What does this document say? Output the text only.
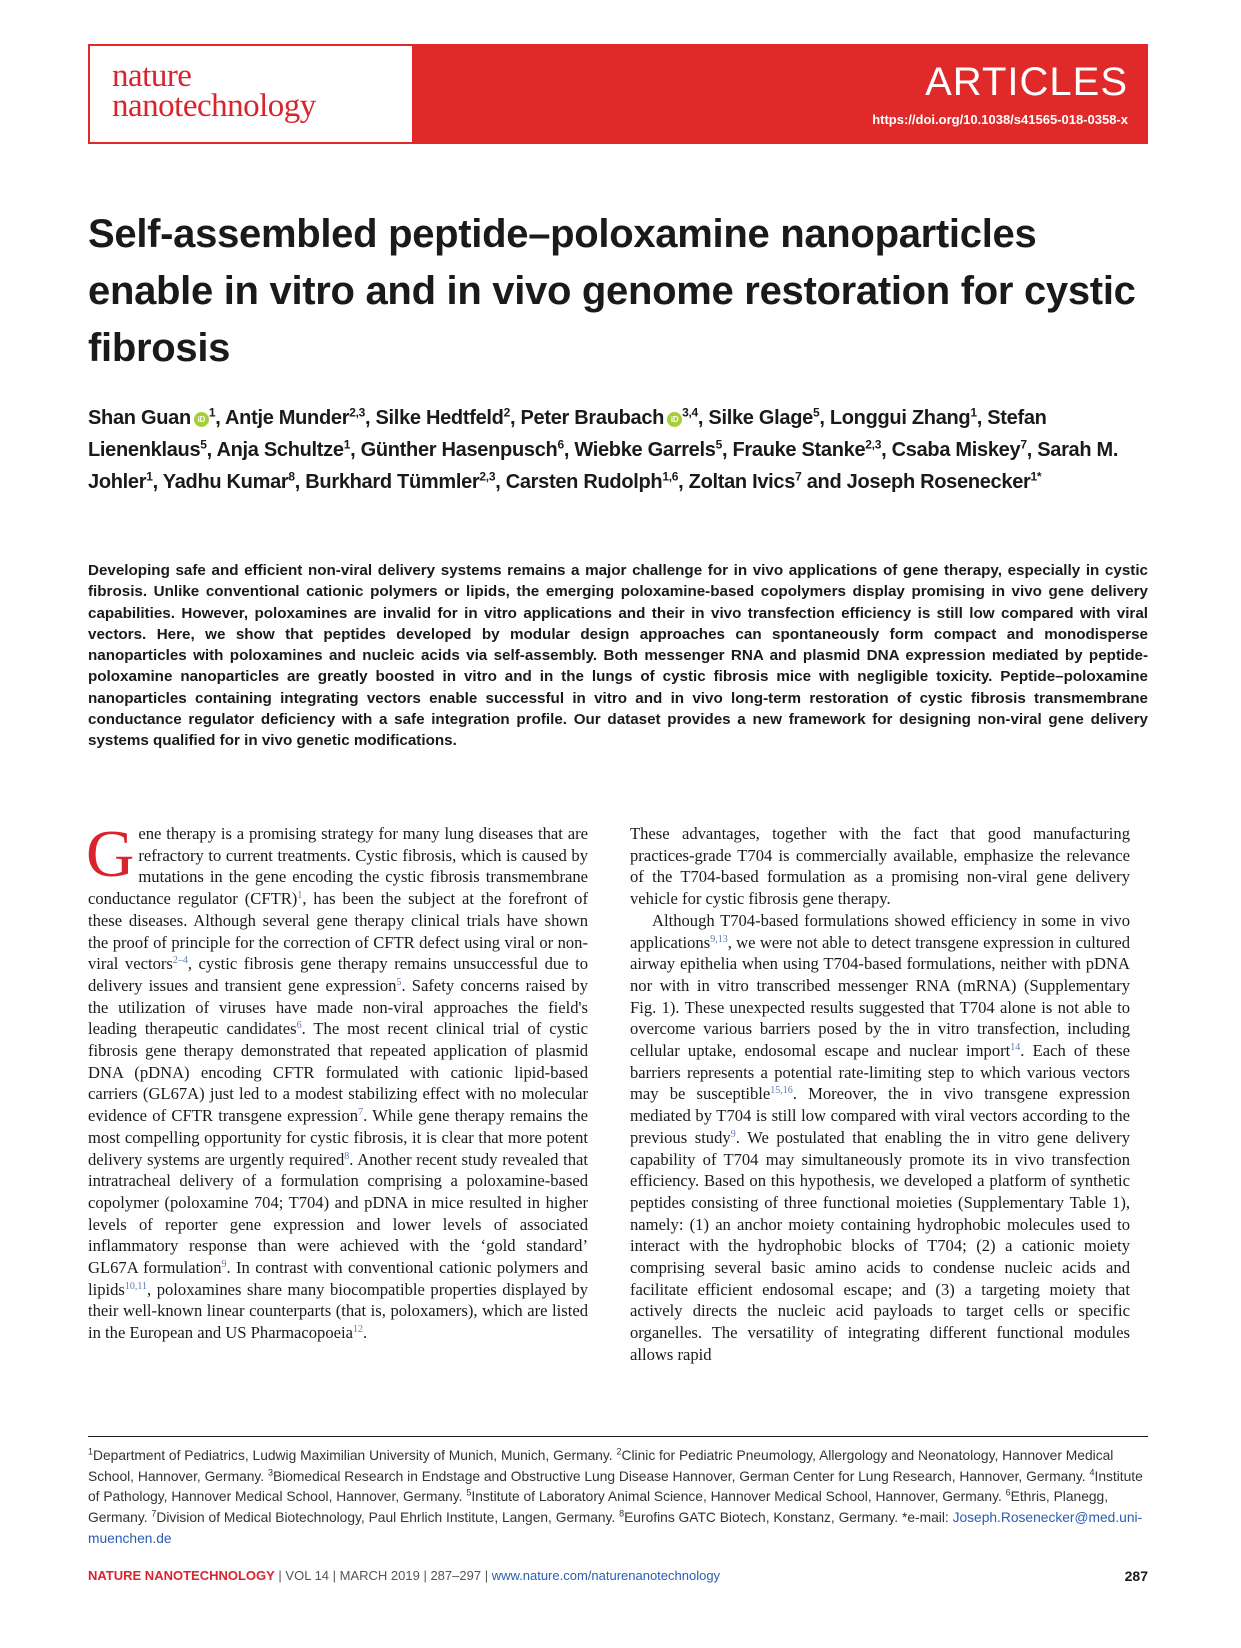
nature
nanotechnology
ARTICLES
https://doi.org/10.1038/s41565-018-0358-x
Self-assembled peptide–poloxamine nanoparticles enable in vitro and in vivo genome restoration for cystic fibrosis
Shan Guan $iD^1$, Antje Munder$^{2,3}$, Silke Hedtfeld$^2$, Peter Braubach iD$^{3,4}$, Silke Glage$^5$, Longgui Zhang$^1$, Stefan Lienenklaus$^5$, Anja Schultze$^1$, Günther Hasenpusch$^6$, Wiebke Garrels$^5$, Frauke Stanke$^{2,3}$, Csaba Miskey$^7$, Sarah M. Johler$^1$, Yadhu Kumar$^8$, Burkhard Tümmler$^{2,3}$, Carsten Rudolph$^{1,6}$, Zoltan Ivics$^7$ and Joseph Rosenecker$^{1*}$

Developing safe and efficient non-viral delivery systems remains a major challenge for in vivo applications of gene therapy, especially in cystic fibrosis. Unlike conventional cationic polymers or lipids, the emerging poloxamine-based copolymers display promising in vivo gene delivery capabilities. However, poloxamines are invalid for in vitro applications and their in vivo transfection efficiency is still low compared with viral vectors. Here, we show that peptides developed by modular design approaches can spontaneously form compact and monodisperse nanoparticles with poloxamines and nucleic acids via self-assembly. Both messenger RNA and plasmid DNA expression mediated by peptide-poloxamine nanoparticles are greatly boosted in vitro and in the lungs of cystic fibrosis mice with negligible toxicity. Peptide–poloxamine nanoparticles containing integrating vectors enable successful in vitro and in vivo long-term restoration of cystic fibrosis transmembrane conductance regulator deficiency with a safe integration profile. Our dataset provides a new framework for designing non-viral gene delivery systems qualified for in vivo genetic modifications.

Gene therapy is a promising strategy for many lung diseases that are refractory to current treatments. Cystic fibrosis, which is caused by mutations in the gene encoding the cystic fibrosis transmembrane conductance regulator (CFTR)$^1$, has been the subject at the forefront of these diseases. Although several gene therapy clinical trials have shown the proof of principle for the correction of CFTR defect using viral or non-viral vectors$^{2-4}$, cystic fibrosis gene therapy remains unsuccessful due to delivery issues and transient gene expression$^5$. Safety concerns raised by the utilization of viruses have made non-viral approaches the field's leading therapeutic candidates$^6$. The most recent clinical trial of cystic fibrosis gene therapy demonstrated that repeated application of plasmid DNA (pDNA) encoding CFTR formulated with cationic lipid-based carriers (GL67A) just led to a modest stabilizing effect with no molecular evidence of CFTR transgene expression$^7$. While gene therapy remains the most compelling opportunity for cystic fibrosis, it is clear that more potent delivery systems are urgently required$^8$. Another recent study revealed that intratracheal delivery of a formulation comprising a poloxamine-based copolymer (poloxamine 704; T704) and pDNA in mice resulted in higher levels of reporter gene expression and lower levels of associated inflammatory response than were achieved with the ‘gold standard’ GL67A formulation$^9$. In contrast with conventional cationic polymers and lipids$^{10,11}$, poloxamines share many biocompatible properties displayed by their well-known linear counterparts (that is, poloxamers), which are listed in the European and US Pharmacopoeia$^{12}$.

These advantages, together with the fact that good manufacturing practices-grade T704 is commercially available, emphasize the relevance of the T704-based formulation as a promising non-viral gene delivery vehicle for cystic fibrosis gene therapy.

Although T704-based formulations showed efficiency in some in vivo applications$^{9,13}$, we were not able to detect transgene expression in cultured airway epithelia when using T704-based formulations, neither with pDNA nor with in vitro transcribed messenger RNA (mRNA) (Supplementary Fig. 1). These unexpected results suggested that T704 alone is not able to overcome various barriers posed by the in vitro transfection, including cellular uptake, endosomal escape and nuclear import$^{14}$. Each of these barriers represents a potential rate-limiting step to which various vectors may be susceptible$^{15,16}$. Moreover, the in vivo transgene expression mediated by T704 is still low compared with viral vectors according to the previous study$^9$. We postulated that enabling the in vitro gene delivery capability of T704 may simultaneously promote its in vivo transfection efficiency. Based on this hypothesis, we developed a platform of synthetic peptides consisting of three functional moieties (Supplementary Table 1), namely: (1) an anchor moiety containing hydrophobic molecules used to interact with the hydrophobic blocks of T704; (2) a cationic moiety comprising several basic amino acids to condense nucleic acids and facilitate efficient endosomal escape; and (3) a targeting moiety that actively directs the nucleic acid payloads to target cells or specific organelles. The versatility of integrating different functional modules allows rapid

$^1$Department of Pediatrics, Ludwig Maximilian University of Munich, Munich, Germany. $^2$Clinic for Pediatric Pneumology, Allergology and Neonatology, Hannover Medical School, Hannover, Germany. $^3$Biomedical Research in Endstage and Obstructive Lung Disease Hannover, German Center for Lung Research, Hannover, Germany. $^4$Institute of Pathology, Hannover Medical School, Hannover, Germany. $^5$Institute of Laboratory Animal Science, Hannover Medical School, Hannover, Germany. $^6$Ethris, Planegg, Germany. $^7$Division of Medical Biotechnology, Paul Ehrlich Institute, Langen, Germany. $^8$Eurofins GATC Biotech, Konstanz, Germany. *e-mail: Joseph.Rosenecker@med.uni-muenchen.de

NATURE NANOTECHNOLOGY | VOL 14 | MARCH 2019 | 287–297 | www.nature.com/naturenanotechnology	287
